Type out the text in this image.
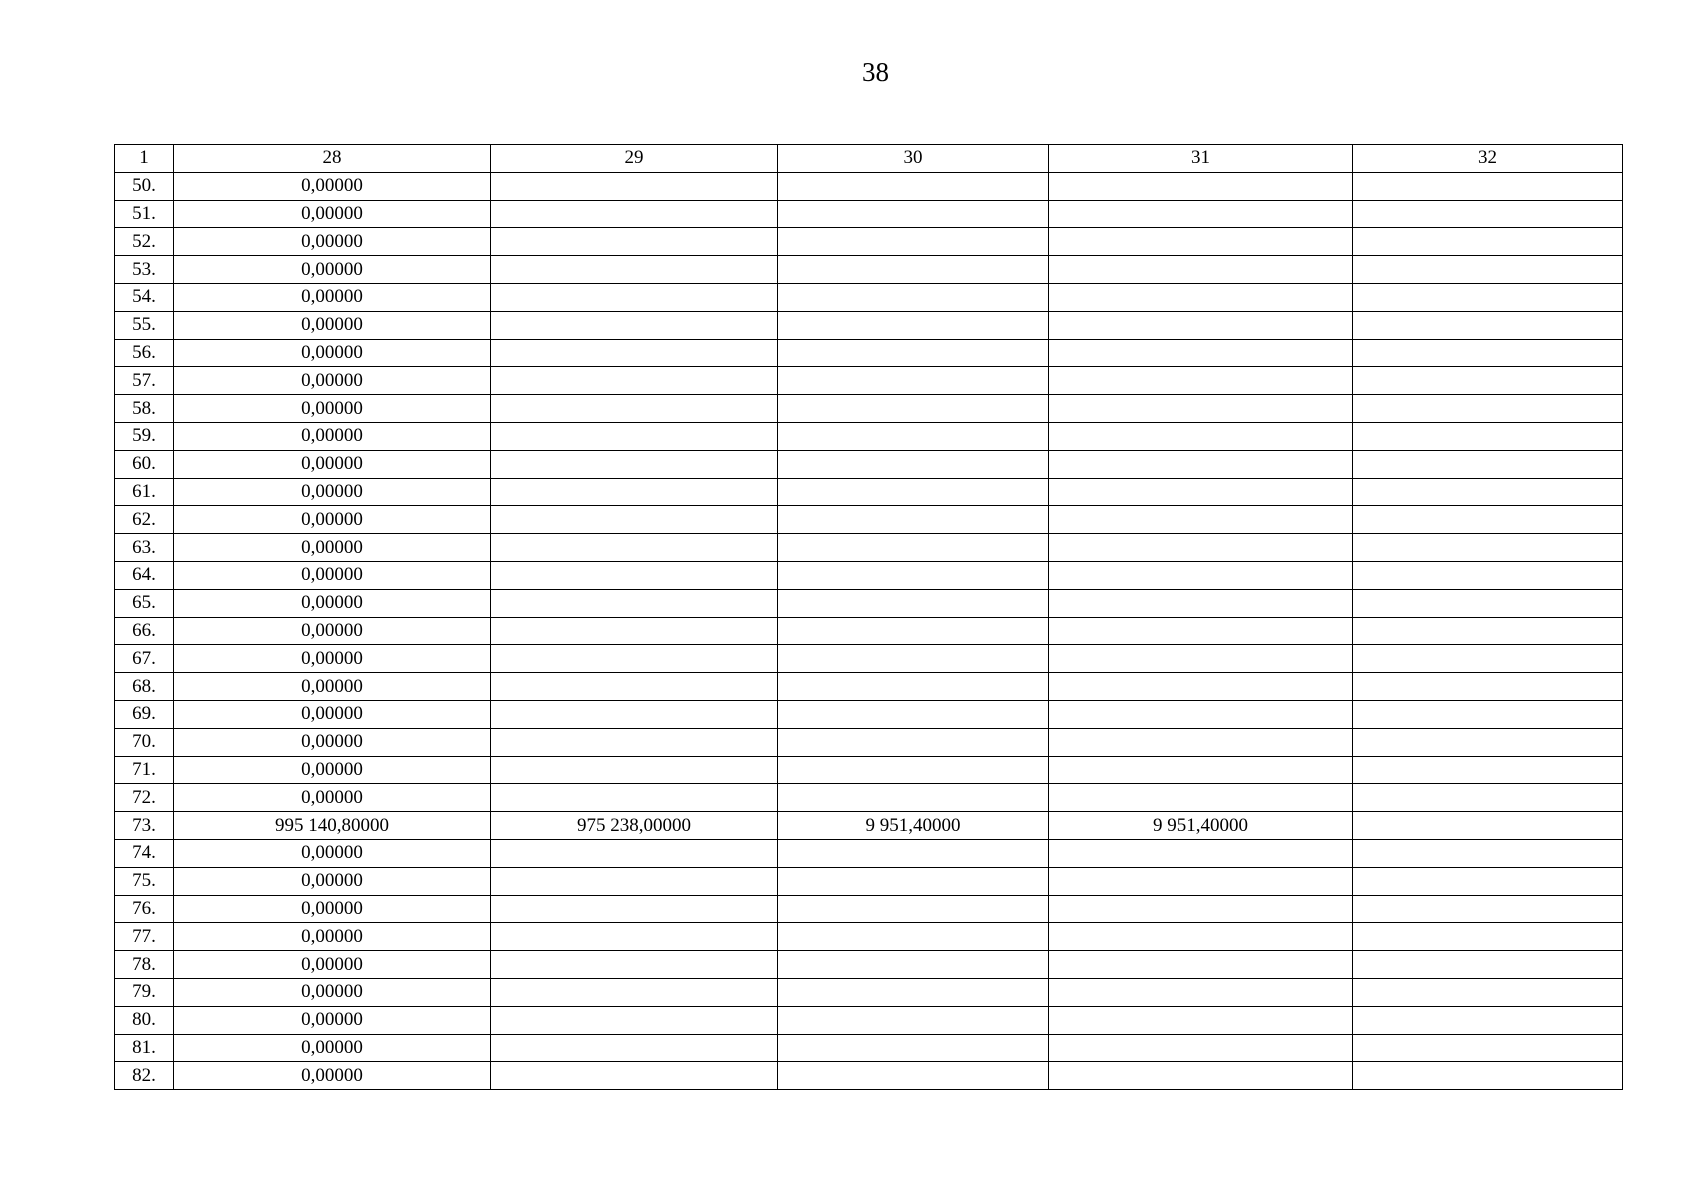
38
1	28	29	30	31	32
50.	0,00000				
51.	0,00000				
52.	0,00000				
53.	0,00000				
54.	0,00000				
55.	0,00000				
56.	0,00000				
57.	0,00000				
58.	0,00000				
59.	0,00000				
60.	0,00000				
61.	0,00000				
62.	0,00000				
63.	0,00000				
64.	0,00000				
65.	0,00000				
66.	0,00000				
67.	0,00000				
68.	0,00000				
69.	0,00000				
70.	0,00000				
71.	0,00000				
72.	0,00000				
73.	995 140,80000	975 238,00000	9 951,40000	9 951,40000	
74.	0,00000				
75.	0,00000				
76.	0,00000				
77.	0,00000				
78.	0,00000				
79.	0,00000				
80.	0,00000				
81.	0,00000				
82.	0,00000				
